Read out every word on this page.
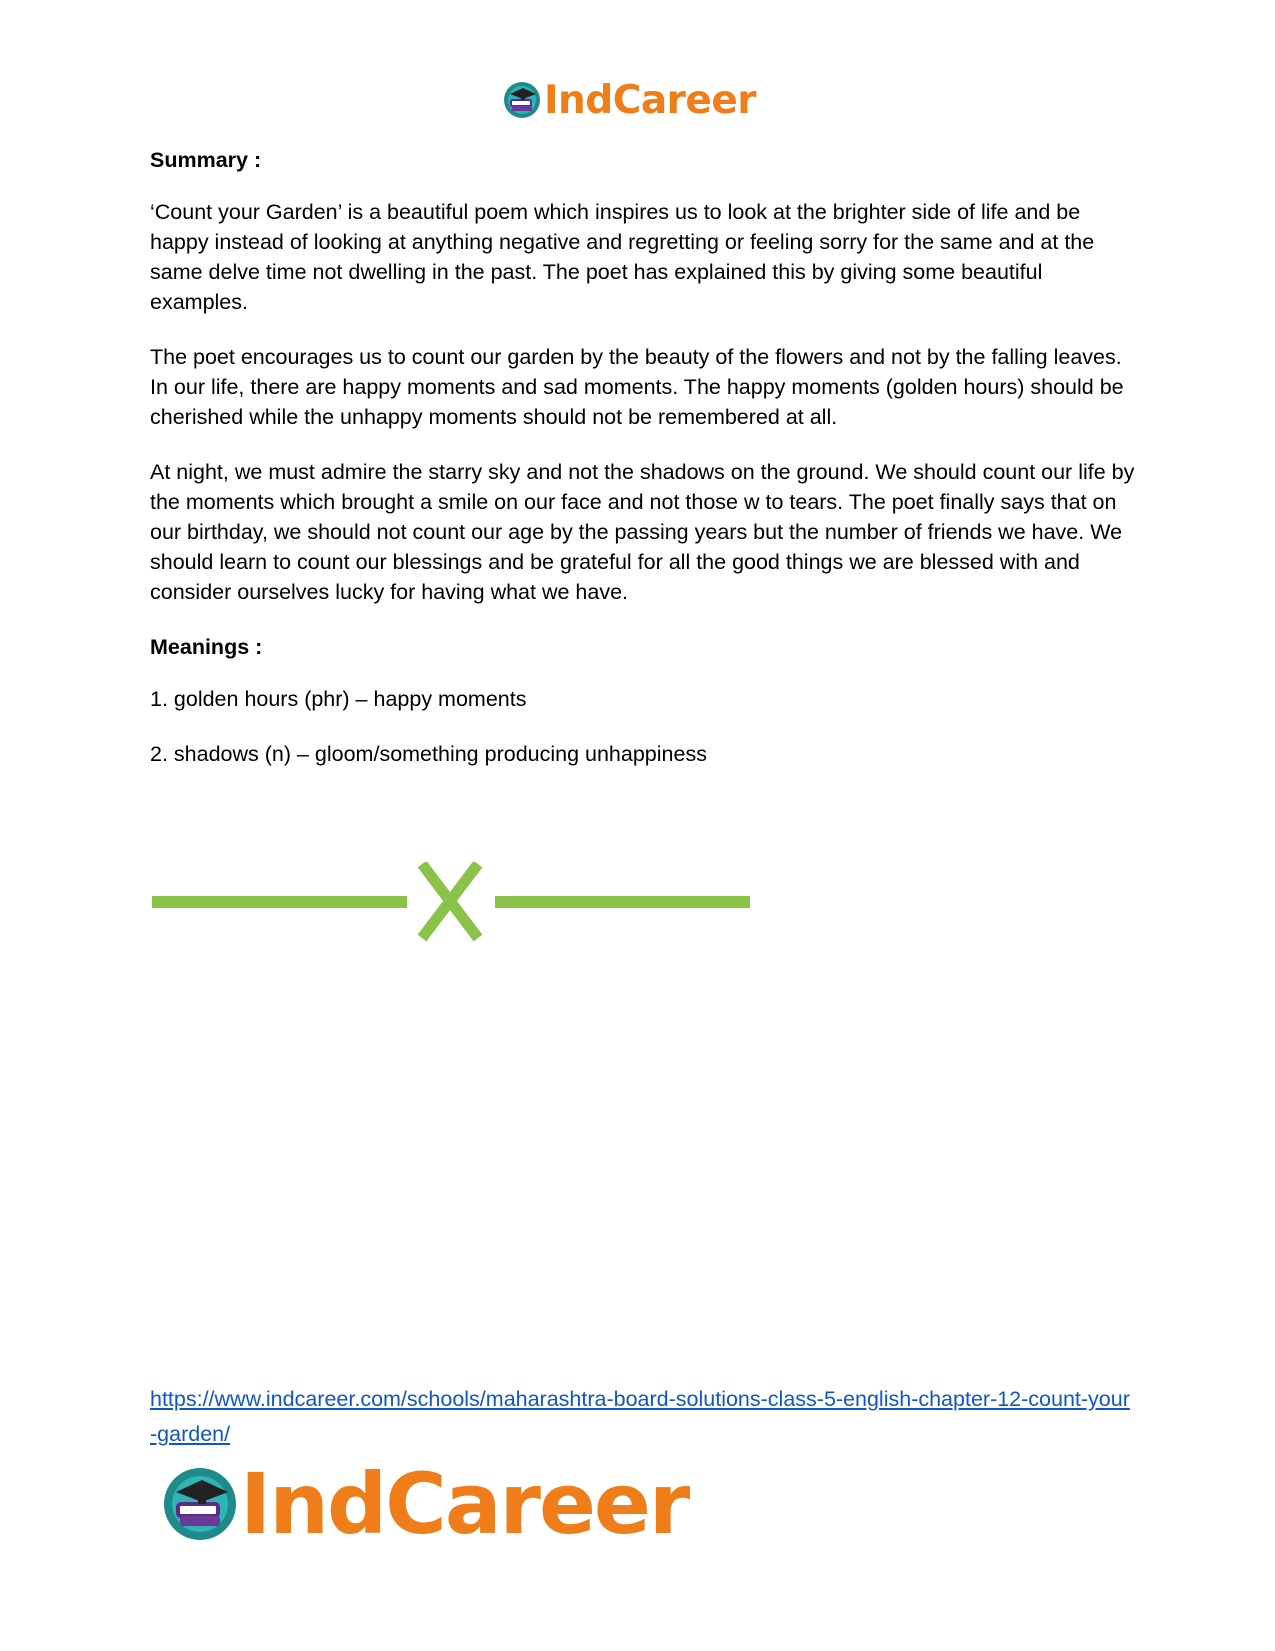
IndCareer
Summary :

‘Count your Garden’ is a beautiful poem which inspires us to look at the brighter side of life and be happy instead of looking at anything negative and regretting or feeling sorry for the same and at the same delve time not dwelling in the past. The poet has explained this by giving some beautiful examples.

The poet encourages us to count our garden by the beauty of the flowers and not by the falling leaves. In our life, there are happy moments and sad moments. The happy moments (golden hours) should be cherished while the unhappy moments should not be remembered at all.

At night, we must admire the starry sky and not the shadows on the ground. We should count our life by the moments which brought a smile on our face and not those w to tears. The poet finally says that on our birthday, we should not count our age by the passing years but the number of friends we have. We should learn to count our blessings and be grateful for all the good things we are blessed with and consider ourselves lucky for having what we have.

Meanings :

1. golden hours (phr) – happy moments

2. shadows (n) – gloom/something producing unhappiness

https://www.indcareer.com/schools/maharashtra-board-solutions-class-5-english-chapter-12-count-your-garden/
IndCareer
